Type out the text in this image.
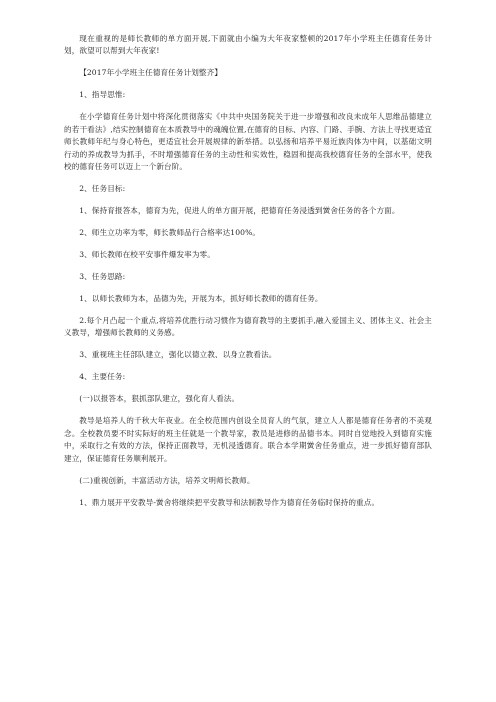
现在重视的是师长教师的单方面开展,下面就由小编为大年夜家整顿的2017年小学班主任德育任务计划，欲望可以帮到大年夜家!

【2017年小学班主任德育任务计划整齐】

1、指导思惟:

在小学德育任务计划中将深化贯彻落实《中共中央国务院关于进一步增强和改良未成年人思维品德建立的若干看法》,结实控制德育在本质教导中的魂魄位置,在德育的目标、内容、门路、手腕、方法上寻找更适宜师长教师年纪与身心特色，更适宜社会开展规律的新举措。以弘扬和培养平易近族肉体为中间，以基础文明行动的养成教导为抓手，不时增强德育任务的主动性和实效性，稳固和提高我校德育任务的全部水平，使我校的德育任务可以迈上一个新台阶。

2、任务目标:

1、保持育报答本，德育为先，促进人的单方面开展，把德育任务浸透到黉舍任务的各个方面。

2、师生立功率为零，师长教师品行合格率达100%。

3、师长教师在校平安事件爆发率为零。

3、任务思路:

1、以师长教师为本，品德为先，开展为本，抓好师长教师的德育任务。

2.每个月凸起一个重点,将培养优胜行动习惯作为德育教导的主要抓手,融入爱国主义、团体主义、社会主义教导，增强师长教师的义务感。

3、重视班主任部队建立，强化以德立教、以身立教看法。

4、主要任务:

(一)以报答本，狠抓部队建立，强化育人看法。

教导是培养人的千秋大年夜业。在全校范围内创设全员育人的气氛，建立人人都是德育任务者的不美观念。全校教员要不时实际好的班主任就是一个教导家，教员是进修的品德书本。同时自觉地投入到德育实施中，采取行之有效的方法，保持正面教导，无机浸透德育。联合本学期黉舍任务重点，进一步抓好德育部队建立，保证德育任务顺利展开。

(二)重视创新，丰富活动方法，培养文明师长教师。

1、鼎力展开平安教导-黉舍将继续把平安教导和法制教导作为德育任务临时保持的重点。
